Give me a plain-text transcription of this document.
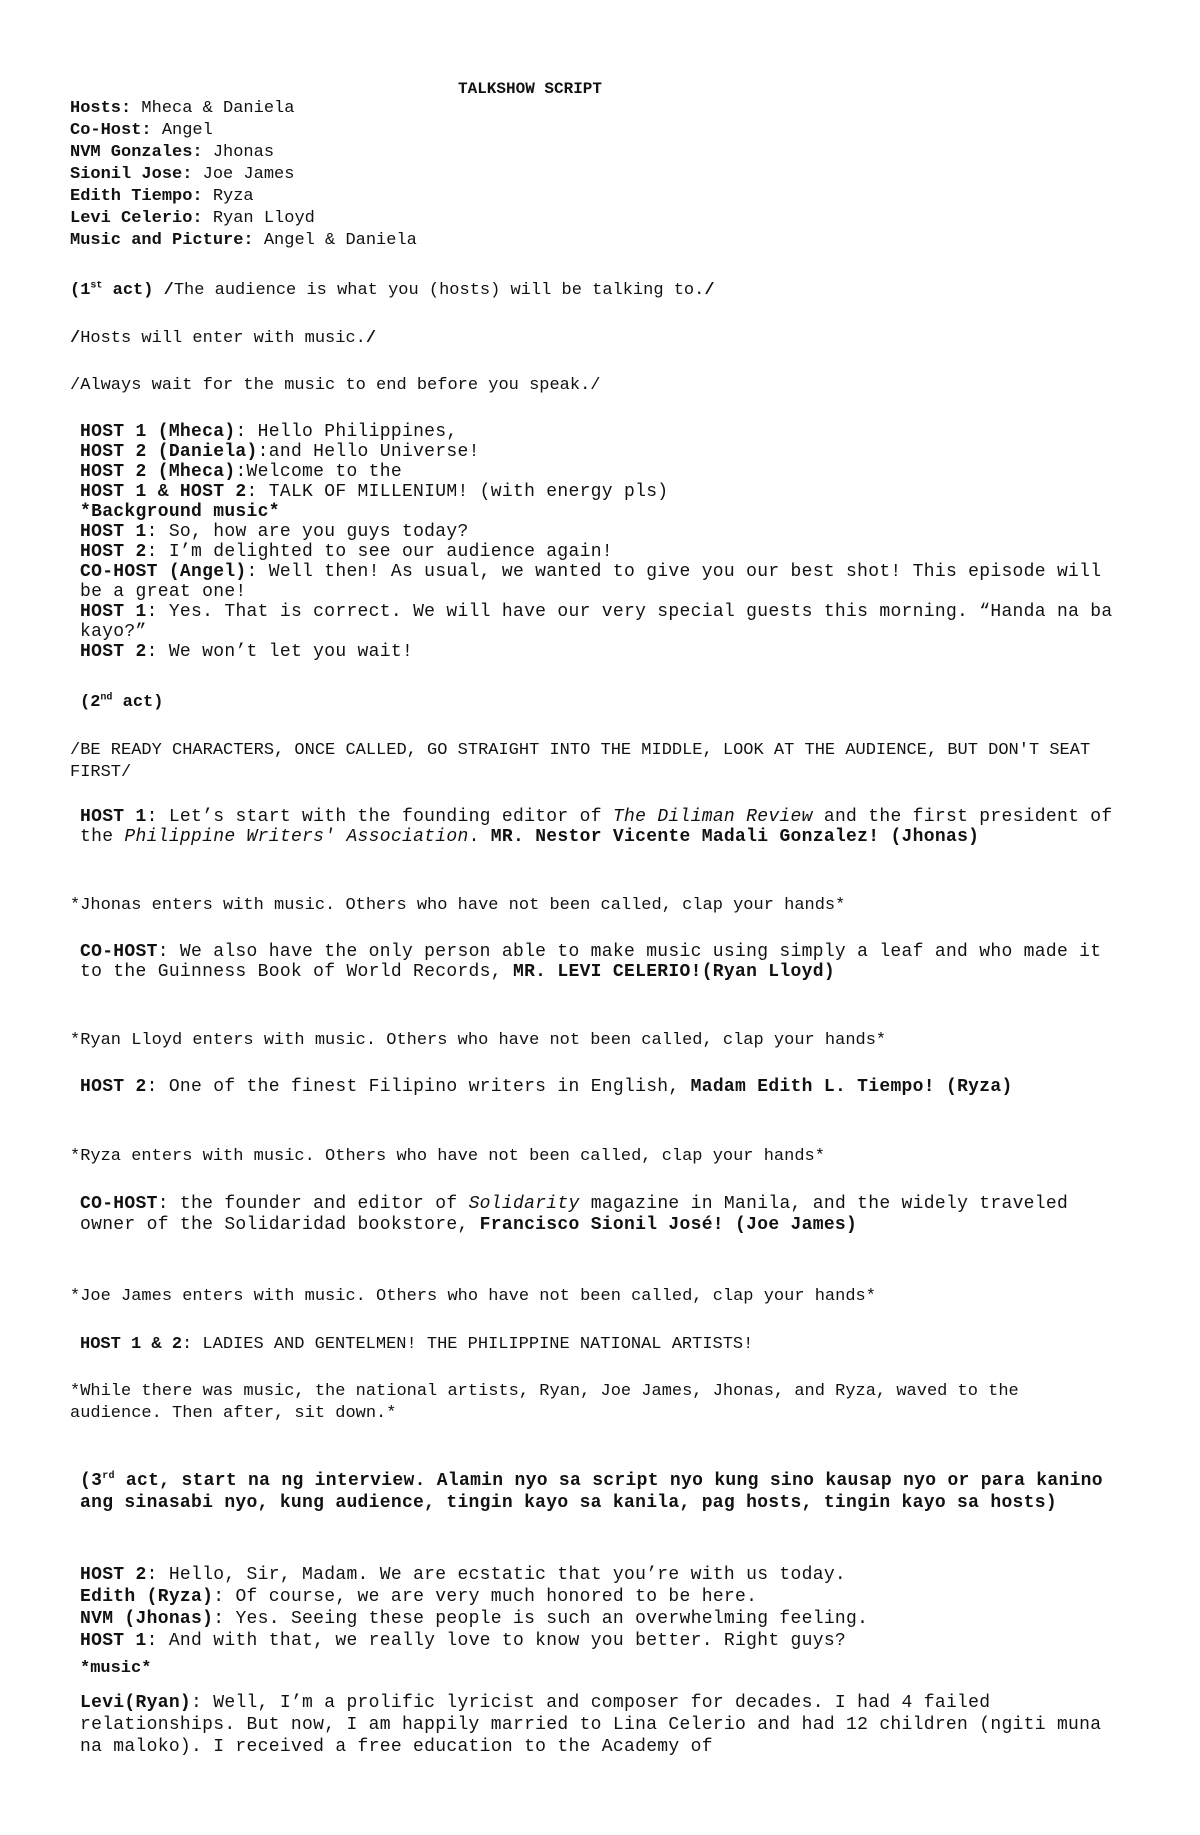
TALKSHOW SCRIPT
Hosts: Mheca & Daniela
Co-Host: Angel
NVM Gonzales: Jhonas
Sionil Jose: Joe James
Edith Tiempo: Ryza
Levi Celerio: Ryan Lloyd
Music and Picture: Angel & Daniela
(1st act) /The audience is what you (hosts) will be talking to./
/Hosts will enter with music./
/Always wait for the music to end before you speak./
HOST 1 (Mheca): Hello Philippines,
HOST 2 (Daniela):and Hello Universe!
HOST 2 (Mheca):Welcome to the
HOST 1 & HOST 2: TALK OF MILLENIUM! (with energy pls)
*Background music*
HOST 1: So, how are you guys today?
HOST 2: I’m delighted to see our audience again!
CO-HOST (Angel): Well then! As usual, we wanted to give you our best shot! This episode will be a great one!
HOST 1: Yes. That is correct. We will have our very special guests this morning. “Handa na ba kayo?”
HOST 2: We won’t let you wait!
(2nd act)
/BE READY CHARACTERS, ONCE CALLED, GO STRAIGHT INTO THE MIDDLE, LOOK AT THE AUDIENCE, BUT DON'T SEAT FIRST/
HOST 1: Let’s start with the founding editor of The Diliman Review and the first president of the Philippine Writers' Association. MR. Nestor Vicente Madali Gonzalez! (Jhonas)
*Jhonas enters with music. Others who have not been called, clap your hands*
CO-HOST: We also have the only person able to make music using simply a leaf and who made it to the Guinness Book of World Records, MR. LEVI CELERIO!(Ryan Lloyd)
*Ryan Lloyd enters with music. Others who have not been called, clap your hands*
HOST 2: One of the finest Filipino writers in English, Madam Edith L. Tiempo! (Ryza)
*Ryza enters with music. Others who have not been called, clap your hands*
CO-HOST: the founder and editor of Solidarity magazine in Manila, and the widely traveled owner of the Solidaridad bookstore, Francisco Sionil José! (Joe James)
*Joe James enters with music. Others who have not been called, clap your hands*
HOST 1 & 2: LADIES AND GENTELMEN! THE PHILIPPINE NATIONAL ARTISTS!
*While there was music, the national artists, Ryan, Joe James, Jhonas, and Ryza, waved to the audience. Then after, sit down.*
(3rd act, start na ng interview. Alamin nyo sa script nyo kung sino kausap nyo or para kanino ang sinasabi nyo, kung audience, tingin kayo sa kanila, pag hosts, tingin kayo sa hosts)
HOST 2: Hello, Sir, Madam. We are ecstatic that you’re with us today.
Edith (Ryza): Of course, we are very much honored to be here.
NVM (Jhonas): Yes. Seeing these people is such an overwhelming feeling.
HOST 1: And with that, we really love to know you better. Right guys?
*music*
Levi(Ryan): Well, I’m a prolific lyricist and composer for decades. I had 4 failed relationships. But now, I am happily married to Lina Celerio and had 12 children (ngiti muna na maloko). I received a free education to the Academy of
